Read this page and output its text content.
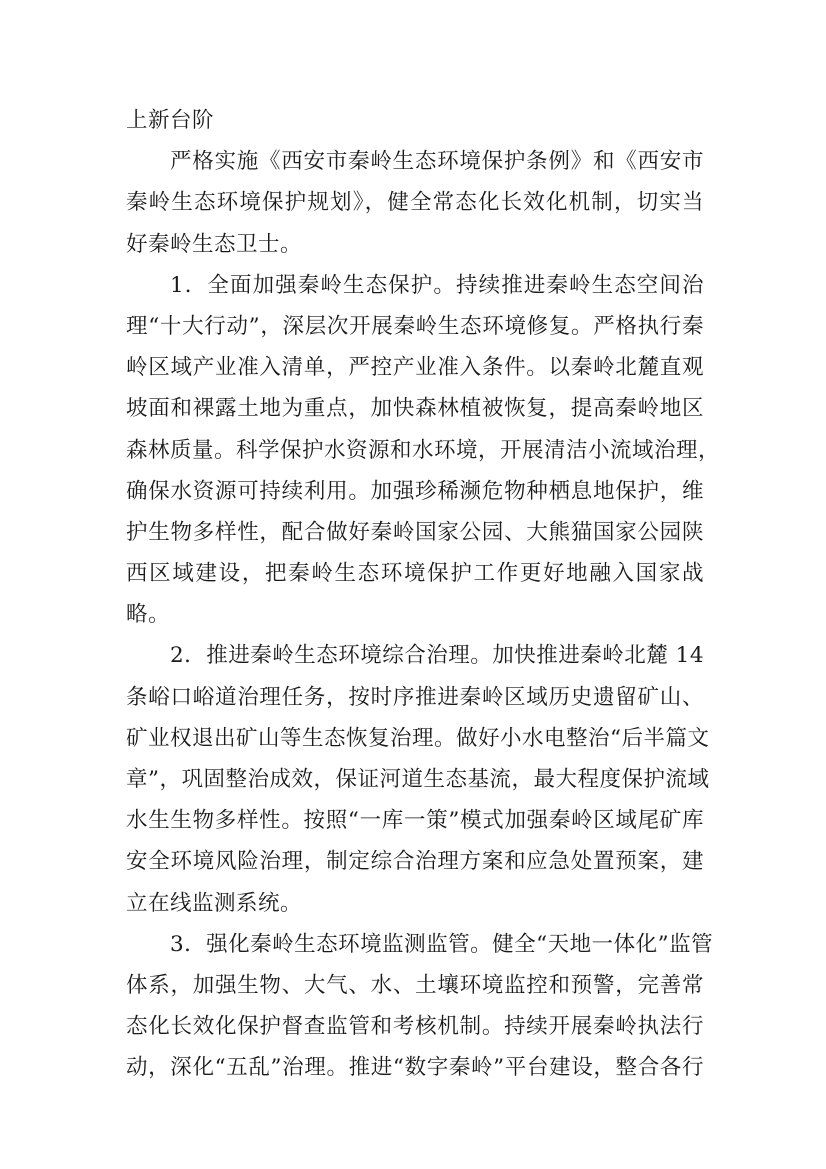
上新台阶
严格实施《西安市秦岭生态环境保护条例》和《西安市
秦岭生态环境保护规划》，健全常态化长效化机制，切实当
好秦岭生态卫士。
1．全面加强秦岭生态保护。持续推进秦岭生态空间治
理“十大行动”，深层次开展秦岭生态环境修复。严格执行秦
岭区域产业准入清单，严控产业准入条件。以秦岭北麓直观
坡面和裸露土地为重点，加快森林植被恢复，提高秦岭地区
森林质量。科学保护水资源和水环境，开展清洁小流域治理，
确保水资源可持续利用。加强珍稀濒危物种栖息地保护，维
护生物多样性，配合做好秦岭国家公园、大熊猫国家公园陕
西区域建设，把秦岭生态环境保护工作更好地融入国家战
略。
2．推进秦岭生态环境综合治理。加快推进秦岭北麓 14
条峪口峪道治理任务，按时序推进秦岭区域历史遗留矿山、
矿业权退出矿山等生态恢复治理。做好小水电整治“后半篇文
章”，巩固整治成效，保证河道生态基流，最大程度保护流域
水生生物多样性。按照“一库一策”模式加强秦岭区域尾矿库
安全环境风险治理，制定综合治理方案和应急处置预案，建
立在线监测系统。
3．强化秦岭生态环境监测监管。健全“天地一体化”监管
体系，加强生物、大气、水、土壤环境监控和预警，完善常
态化长效化保护督查监管和考核机制。持续开展秦岭执法行
动，深化“五乱”治理。推进“数字秦岭”平台建设，整合各行
